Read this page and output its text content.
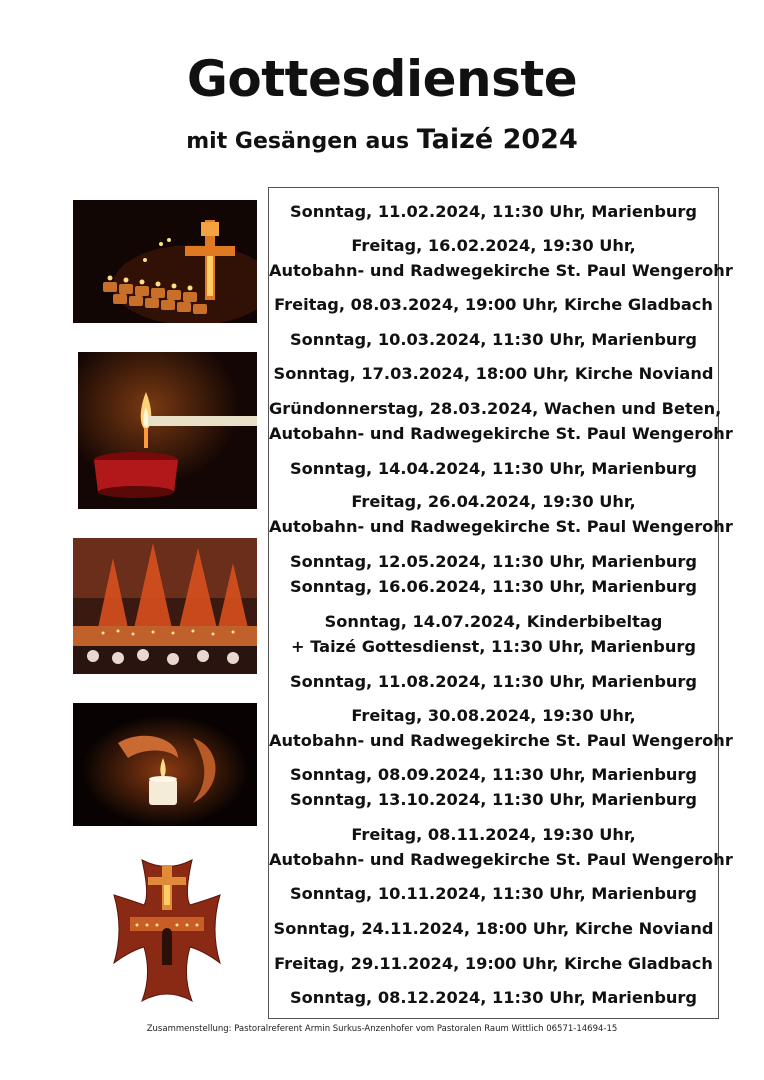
Gottesdienste
mit Gesängen aus Taizé 2024
Sonntag, 11.02.2024, 11:30 Uhr, Marienburg
Freitag, 16.02.2024, 19:30 Uhr,
Autobahn- und Radwegekirche St. Paul Wengerohr
Freitag, 08.03.2024, 19:00 Uhr, Kirche Gladbach
Sonntag, 10.03.2024, 11:30 Uhr, Marienburg
Sonntag, 17.03.2024, 18:00 Uhr, Kirche Noviand
Gründonnerstag, 28.03.2024, Wachen und Beten,
Autobahn- und Radwegekirche St. Paul Wengerohr
Sonntag, 14.04.2024, 11:30 Uhr, Marienburg
Freitag, 26.04.2024, 19:30 Uhr,
Autobahn- und Radwegekirche St. Paul Wengerohr
Sonntag, 12.05.2024, 11:30 Uhr, Marienburg
Sonntag, 16.06.2024, 11:30 Uhr, Marienburg
Sonntag, 14.07.2024, Kinderbibeltag
+ Taizé Gottesdienst, 11:30 Uhr, Marienburg
Sonntag, 11.08.2024, 11:30 Uhr, Marienburg
Freitag, 30.08.2024, 19:30 Uhr,
Autobahn- und Radwegekirche St. Paul Wengerohr
Sonntag, 08.09.2024, 11:30 Uhr, Marienburg
Sonntag, 13.10.2024, 11:30 Uhr, Marienburg
Freitag, 08.11.2024, 19:30 Uhr,
Autobahn- und Radwegekirche St. Paul Wengerohr
Sonntag, 10.11.2024, 11:30 Uhr, Marienburg
Sonntag, 24.11.2024, 18:00 Uhr, Kirche Noviand
Freitag, 29.11.2024, 19:00 Uhr, Kirche Gladbach
Sonntag, 08.12.2024, 11:30 Uhr, Marienburg
Zusammenstellung: Pastoralreferent Armin Surkus-Anzenhofer vom Pastoralen Raum Wittlich 06571-14694-15
